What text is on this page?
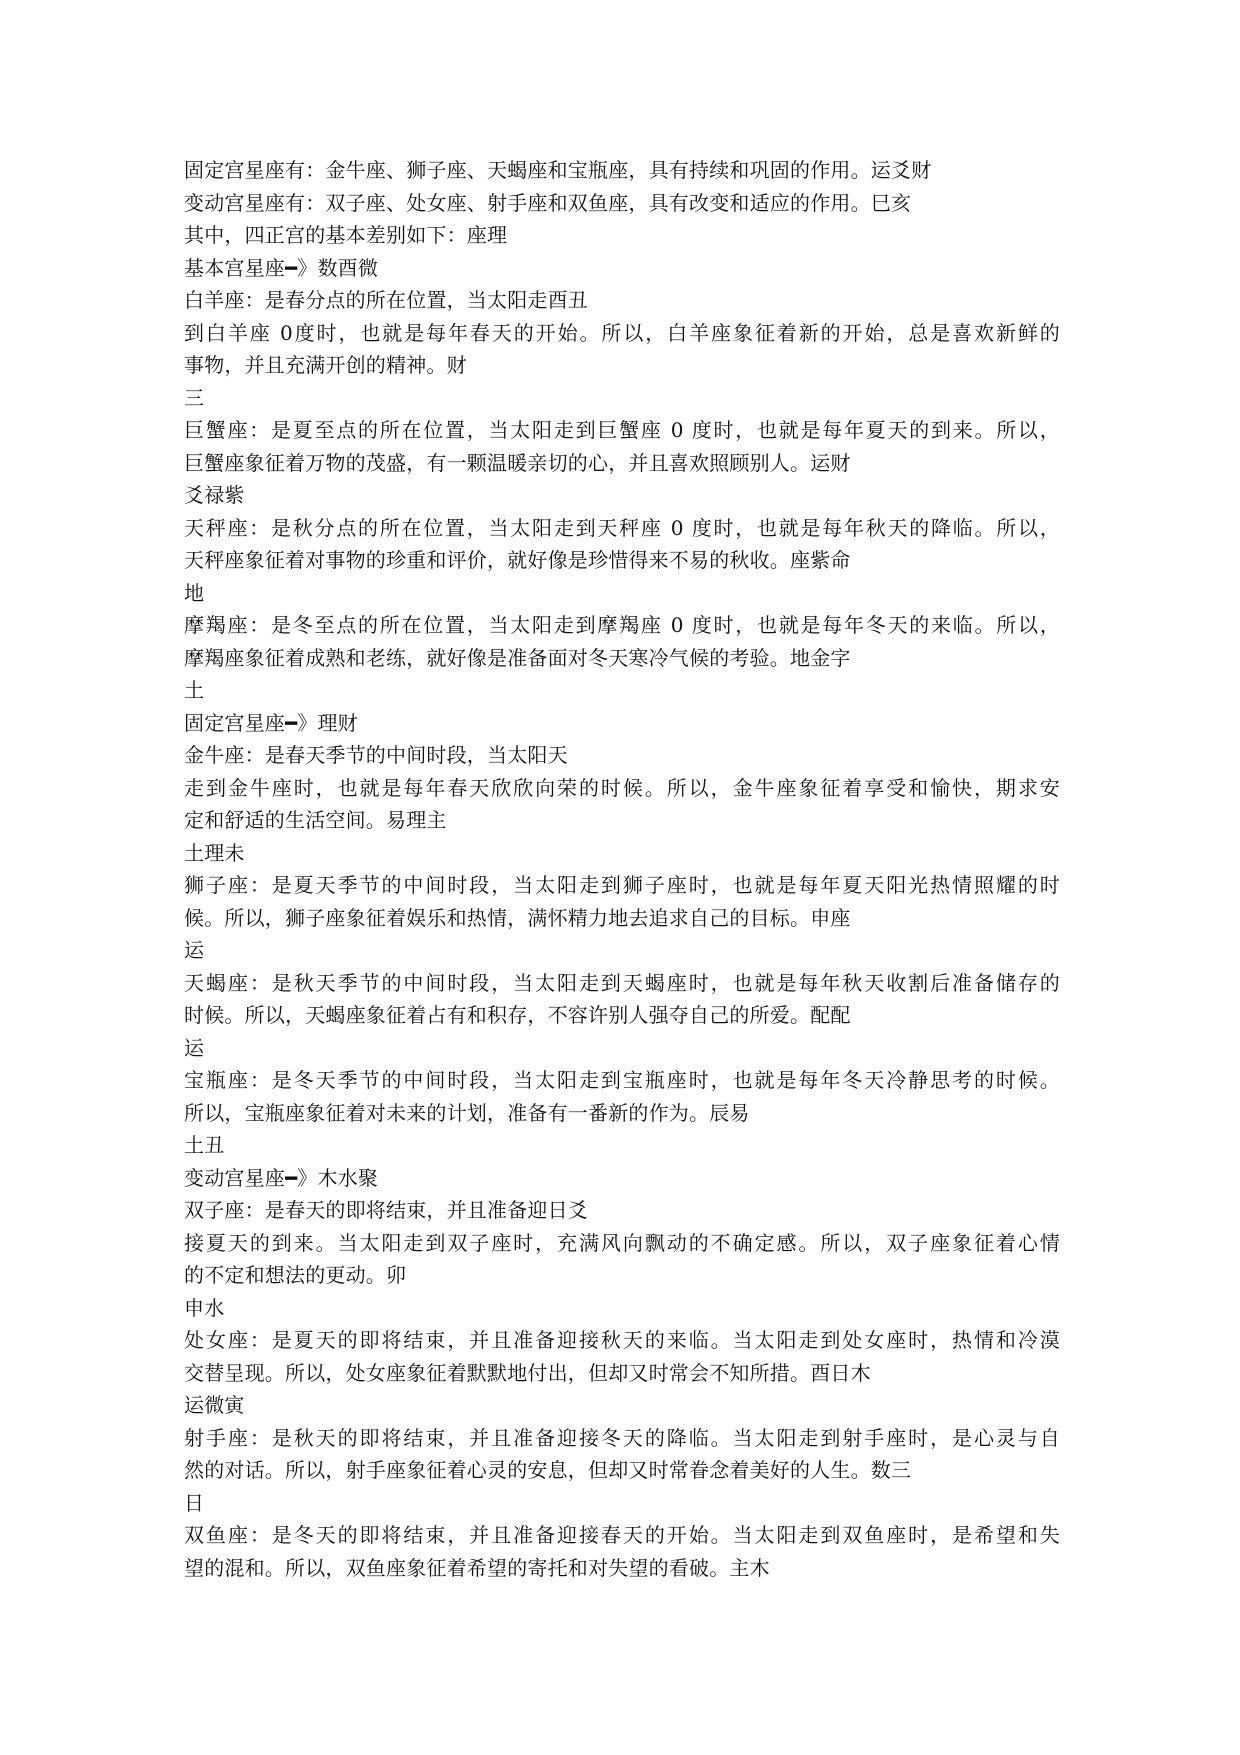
固定宫星座有：金牛座、狮子座、天蝎座和宝瓶座，具有持续和巩固的作用。运爻财
变动宫星座有：双子座、处女座、射手座和双鱼座，具有改变和适应的作用。巳亥
其中，四正宫的基本差别如下：座理
基本宫星座━》数酉微
白羊座：是春分点的所在位置，当太阳走酉丑
到白羊座 0度时，也就是每年春天的开始。所以，白羊座象征着新的开始，总是喜欢新鲜的
事物，并且充满开创的精神。财
三
巨蟹座：是夏至点的所在位置，当太阳走到巨蟹座 0 度时，也就是每年夏天的到来。所以，
巨蟹座象征着万物的茂盛，有一颗温暖亲切的心，并且喜欢照顾别人。运财
爻禄紫
天秤座：是秋分点的所在位置，当太阳走到天秤座 0 度时，也就是每年秋天的降临。所以，
天秤座象征着对事物的珍重和评价，就好像是珍惜得来不易的秋收。座紫命
地
摩羯座：是冬至点的所在位置，当太阳走到摩羯座 0 度时，也就是每年冬天的来临。所以，
摩羯座象征着成熟和老练，就好像是准备面对冬天寒冷气候的考验。地金字
土
固定宫星座━》理财
金牛座：是春天季节的中间时段，当太阳天
走到金牛座时，也就是每年春天欣欣向荣的时候。所以，金牛座象征着享受和愉快，期求安
定和舒适的生活空间。易理主
土理未
狮子座：是夏天季节的中间时段，当太阳走到狮子座时，也就是每年夏天阳光热情照耀的时
候。所以，狮子座象征着娱乐和热情，满怀精力地去追求自己的目标。申座
运
天蝎座：是秋天季节的中间时段，当太阳走到天蝎座时，也就是每年秋天收割后准备储存的
时候。所以，天蝎座象征着占有和积存，不容许别人强夺自己的所爱。配配
运
宝瓶座：是冬天季节的中间时段，当太阳走到宝瓶座时，也就是每年冬天冷静思考的时候。
所以，宝瓶座象征着对未来的计划，准备有一番新的作为。辰易
土丑
变动宫星座━》木水聚
双子座：是春天的即将结束，并且准备迎日爻
接夏天的到来。当太阳走到双子座时，充满风向飘动的不确定感。所以，双子座象征着心情
的不定和想法的更动。卯
申水
处女座：是夏天的即将结束，并且准备迎接秋天的来临。当太阳走到处女座时，热情和冷漠
交替呈现。所以，处女座象征着默默地付出，但却又时常会不知所措。酉日木
运微寅
射手座：是秋天的即将结束，并且准备迎接冬天的降临。当太阳走到射手座时，是心灵与自
然的对话。所以，射手座象征着心灵的安息，但却又时常眷念着美好的人生。数三
日
双鱼座：是冬天的即将结束，并且准备迎接春天的开始。当太阳走到双鱼座时，是希望和失
望的混和。所以，双鱼座象征着希望的寄托和对失望的看破。主木
